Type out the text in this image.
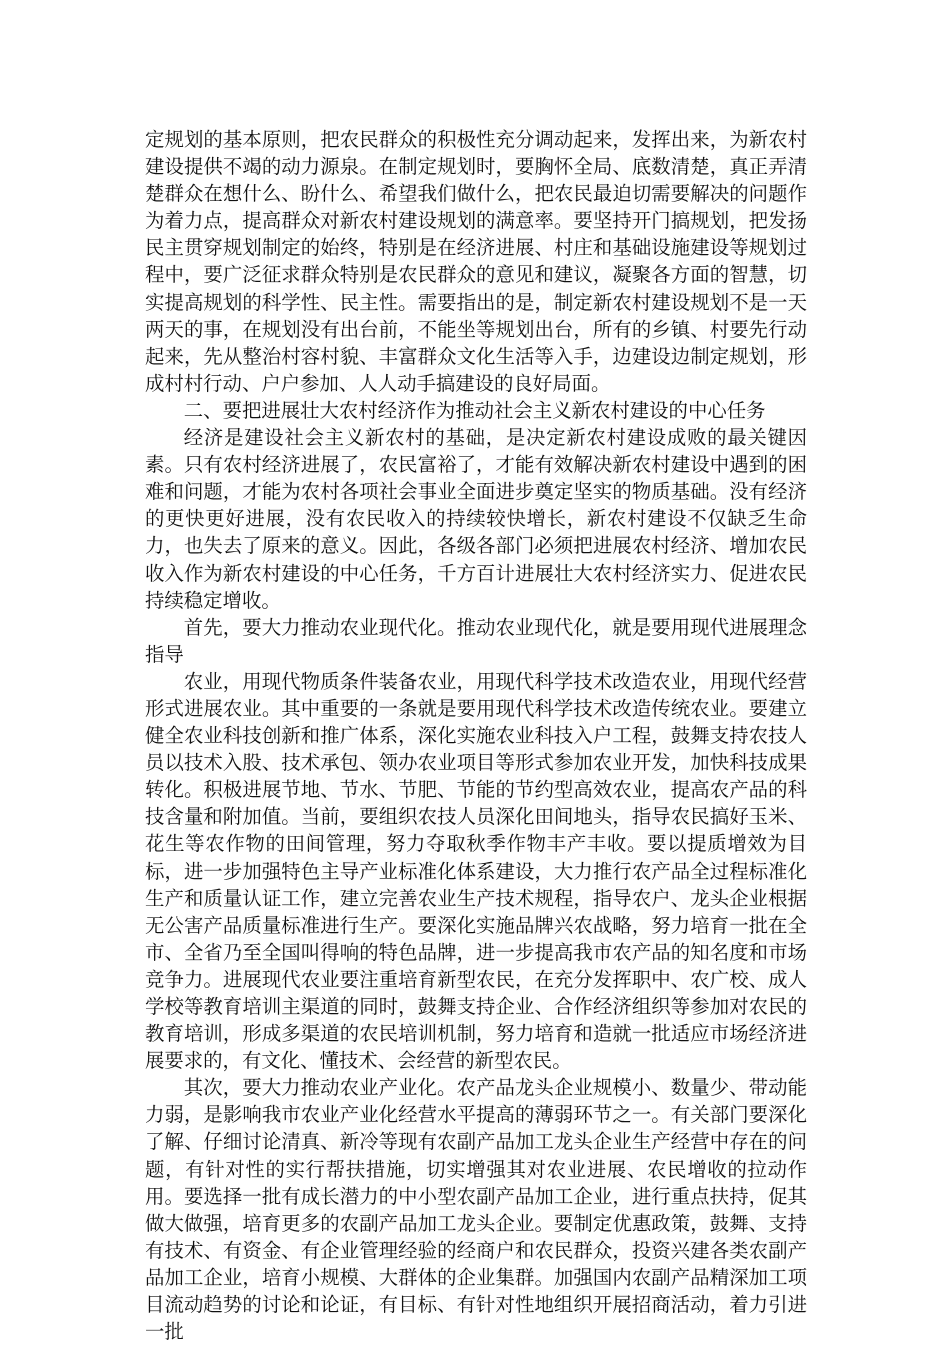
定规划的基本原则，把农民群众的积极性充分调动起来，发挥出来，为新农村建设提供不竭的动力源泉。在制定规划时，要胸怀全局、底数清楚，真正弄清楚群众在想什么、盼什么、希望我们做什么，把农民最迫切需要解决的问题作为着力点，提高群众对新农村建设规划的满意率。要坚持开门搞规划，把发扬民主贯穿规划制定的始终，特别是在经济进展、村庄和基础设施建设等规划过程中，要广泛征求群众特别是农民群众的意见和建议，凝聚各方面的智慧，切实提高规划的科学性、民主性。需要指出的是，制定新农村建设规划不是一天两天的事，在规划没有出台前，不能坐等规划出台，所有的乡镇、村要先行动起来，先从整治村容村貌、丰富群众文化生活等入手，边建设边制定规划，形成村村行动、户户参加、人人动手搞建设的良好局面。

二、要把进展壮大农村经济作为推动社会主义新农村建设的中心任务

经济是建设社会主义新农村的基础，是决定新农村建设成败的最关键因素。只有农村经济进展了，农民富裕了，才能有效解决新农村建设中遇到的困难和问题，才能为农村各项社会事业全面进步奠定坚实的物质基础。没有经济的更快更好进展，没有农民收入的持续较快增长，新农村建设不仅缺乏生命力，也失去了原来的意义。因此，各级各部门必须把进展农村经济、增加农民收入作为新农村建设的中心任务，千方百计进展壮大农村经济实力、促进农民持续稳定增收。

首先，要大力推动农业现代化。推动农业现代化，就是要用现代进展理念指导

农业，用现代物质条件装备农业，用现代科学技术改造农业，用现代经营形式进展农业。其中重要的一条就是要用现代科学技术改造传统农业。要建立健全农业科技创新和推广体系，深化实施农业科技入户工程，鼓舞支持农技人员以技术入股、技术承包、领办农业项目等形式参加农业开发，加快科技成果转化。积极进展节地、节水、节肥、节能的节约型高效农业，提高农产品的科技含量和附加值。当前，要组织农技人员深化田间地头，指导农民搞好玉米、花生等农作物的田间管理，努力夺取秋季作物丰产丰收。要以提质增效为目标，进一步加强特色主导产业标准化体系建设，大力推行农产品全过程标准化生产和质量认证工作，建立完善农业生产技术规程，指导农户、龙头企业根据无公害产品质量标准进行生产。要深化实施品牌兴农战略，努力培育一批在全市、全省乃至全国叫得响的特色品牌，进一步提高我市农产品的知名度和市场竞争力。进展现代农业要注重培育新型农民，在充分发挥职中、农广校、成人学校等教育培训主渠道的同时，鼓舞支持企业、合作经济组织等参加对农民的教育培训，形成多渠道的农民培训机制，努力培育和造就一批适应市场经济进展要求的，有文化、懂技术、会经营的新型农民。

其次，要大力推动农业产业化。农产品龙头企业规模小、数量少、带动能力弱，是影响我市农业产业化经营水平提高的薄弱环节之一。有关部门要深化了解、仔细讨论清真、新冷等现有农副产品加工龙头企业生产经营中存在的问题，有针对性的实行帮扶措施，切实增强其对农业进展、农民增收的拉动作用。要选择一批有成长潜力的中小型农副产品加工企业，进行重点扶持，促其做大做强，培育更多的农副产品加工龙头企业。要制定优惠政策，鼓舞、支持有技术、有资金、有企业管理经验的经商户和农民群众，投资兴建各类农副产品加工企业，培育小规模、大群体的企业集群。加强国内农副产品精深加工项目流动趋势的讨论和论证，有目标、有针对性地组织开展招商活动，着力引进一批
